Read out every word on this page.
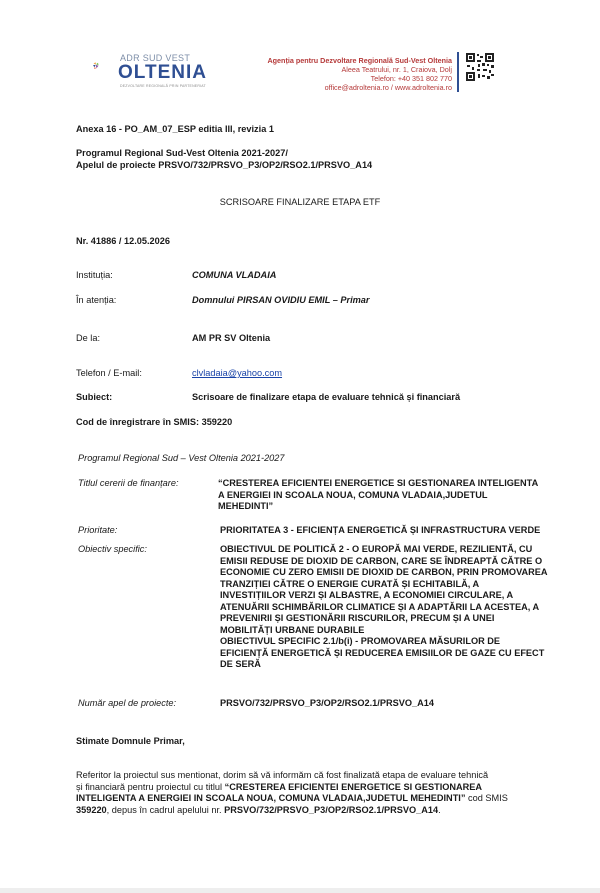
ADR SUD VEST
OLTENIA
DEZVOLTARE REGIONALĂ PRIN PARTENERIAT
Agenția pentru Dezvoltare Regională Sud-Vest Oltenia
Aleea Teatrului, nr. 1, Craiova, Dolj
Telefon: +40 351 802 770
office@adroltenia.ro / www.adroltenia.ro
Anexa 16 - PO_AM_07_ESP editia III, revizia 1
Programul Regional Sud-Vest Oltenia 2021-2027/
Apelul de proiecte PRSVO/732/PRSVO_P3/OP2/RSO2.1/PRSVO_A14
SCRISOARE FINALIZARE ETAPA ETF
Nr. 41886 / 12.05.2026
Instituția:	COMUNA VLADAIA
În atenția:	Domnului PIRSAN OVIDIU EMIL – Primar
De la:	AM PR SV Oltenia
Telefon / E-mail:	clvladaia@yahoo.com
Subiect:	Scrisoare de finalizare etapa de evaluare tehnică și financiară
Cod de înregistrare în SMIS: 359220
Programul Regional Sud – Vest Oltenia 2021-2027
Titlul cererii de finanțare:	“CRESTEREA EFICIENTEI ENERGETICE SI GESTIONAREA INTELIGENTA
A ENERGIEI IN SCOALA NOUA, COMUNA VLADAIA,JUDETUL
MEHEDINTI”
Prioritate:	PRIORITATEA 3 - EFICIENȚA ENERGETICĂ ȘI INFRASTRUCTURA VERDE
Obiectiv specific:	OBIECTIVUL DE POLITICĂ 2 - O EUROPĂ MAI VERDE, REZILIENTĂ, CU
EMISII REDUSE DE DIOXID DE CARBON, CARE SE ÎNDREAPTĂ CĂTRE O
ECONOMIE CU ZERO EMISII DE DIOXID DE CARBON, PRIN PROMOVAREA
TRANZIȚIEI CĂTRE O ENERGIE CURATĂ ȘI ECHITABILĂ, A
INVESTIȚIILOR VERZI ȘI ALBASTRE, A ECONOMIEI CIRCULARE, A
ATENUĂRII SCHIMBĂRILOR CLIMATICE ȘI A ADAPTĂRII LA ACESTEA, A
PREVENIRII ȘI GESTIONĂRII RISCURILOR, PRECUM ȘI A UNEI
MOBILITĂȚI URBANE DURABILE
OBIECTIVUL SPECIFIC 2.1/b(i) - PROMOVAREA MĂSURILOR DE
EFICIENȚĂ ENERGETICĂ ȘI REDUCEREA EMISIILOR DE GAZE CU EFECT
DE SERĂ
Număr apel de proiecte:	PRSVO/732/PRSVO_P3/OP2/RSO2.1/PRSVO_A14
Stimate Domnule Primar,
Referitor la proiectul sus mentionat, dorim să vă informăm că fost finalizată etapa de evaluare tehnică
și financiară pentru proiectul cu titlul “CRESTEREA EFICIENTEI ENERGETICE SI GESTIONAREA
INTELIGENTA A ENERGIEI IN SCOALA NOUA, COMUNA VLADAIA,JUDETUL MEHEDINTI” cod SMIS
359220, depus în cadrul apelului nr. PRSVO/732/PRSVO_P3/OP2/RSO2.1/PRSVO_A14.
